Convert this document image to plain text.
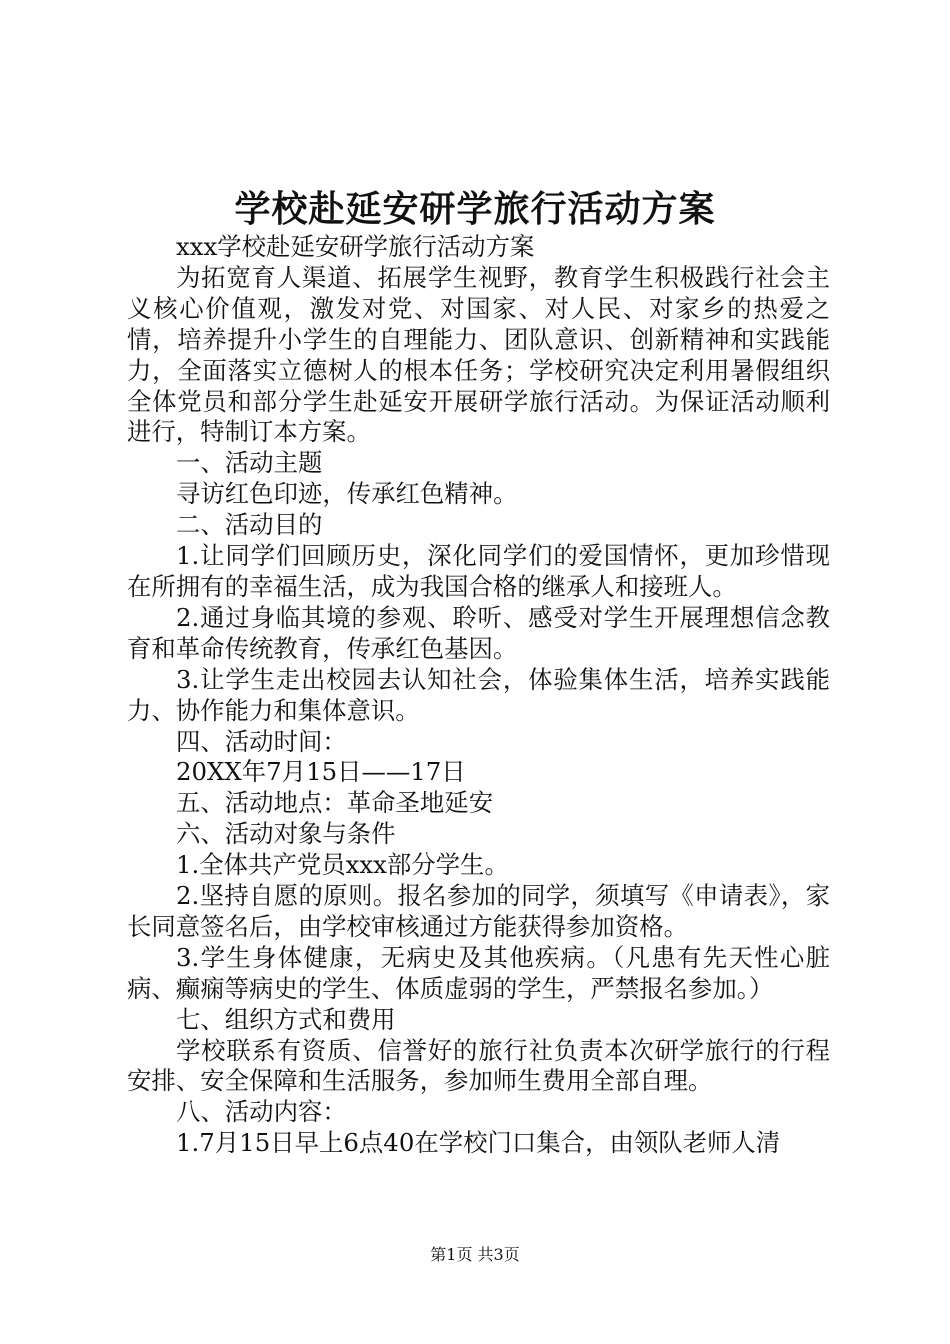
学校赴延安研学旅行活动方案

xxx学校赴延安研学旅行活动方案

为拓宽育人渠道、拓展学生视野，教育学生积极践行社会主义核心价值观，激发对党、对国家、对人民、对家乡的热爱之情，培养提升小学生的自理能力、团队意识、创新精神和实践能力，全面落实立德树人的根本任务；学校研究决定利用暑假组织全体党员和部分学生赴延安开展研学旅行活动。为保证活动顺利进行，特制订本方案。

一、活动主题

寻访红色印迹，传承红色精神。

二、活动目的

1.让同学们回顾历史，深化同学们的爱国情怀，更加珍惜现在所拥有的幸福生活，成为我国合格的继承人和接班人。

2.通过身临其境的参观、聆听、感受对学生开展理想信念教育和革命传统教育，传承红色基因。

3.让学生走出校园去认知社会，体验集体生活，培养实践能力、协作能力和集体意识。

四、活动时间：

20XX年7月15日——17日

五、活动地点：革命圣地延安

六、活动对象与条件

1.全体共产党员xxx部分学生。

2.坚持自愿的原则。报名参加的同学，须填写《申请表》，家长同意签名后，由学校审核通过方能获得参加资格。

3.学生身体健康，无病史及其他疾病。（凡患有先天性心脏病、癫痫等病史的学生、体质虚弱的学生，严禁报名参加。）

七、组织方式和费用

学校联系有资质、信誉好的旅行社负责本次研学旅行的行程安排、安全保障和生活服务，参加师生费用全部自理。

八、活动内容：

1.7月15日早上6点40在学校门口集合，由领队老师人清

第1页 共3页
